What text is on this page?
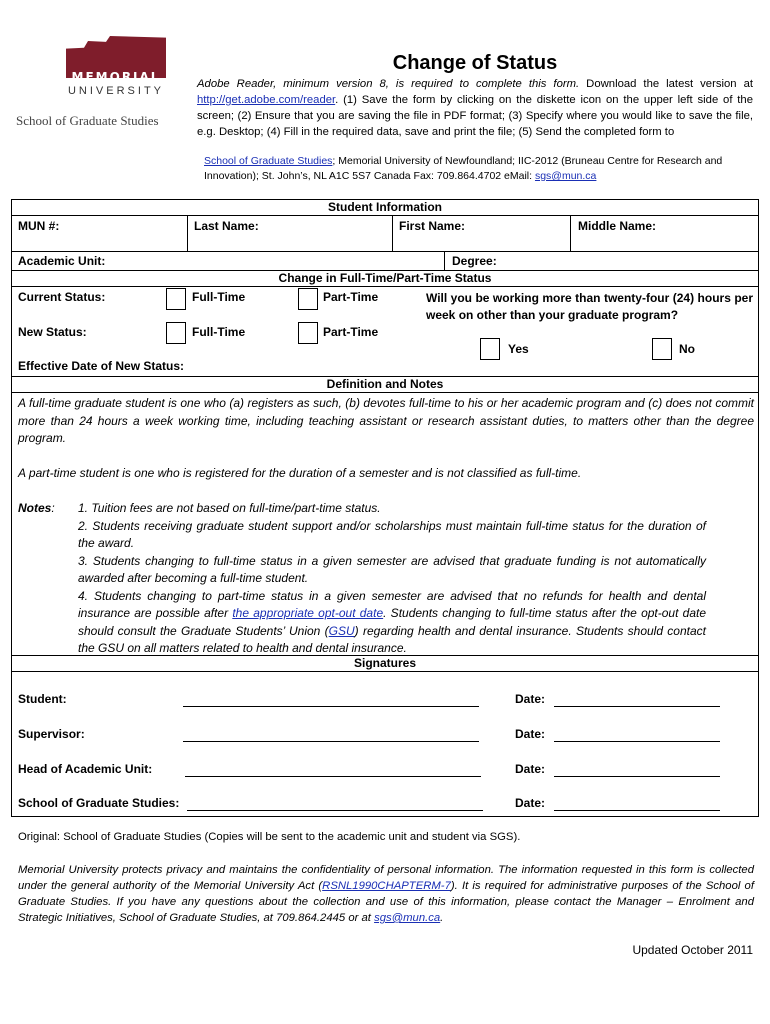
MEMORIAL
UNIVERSITY
School of Graduate Studies
Change of Status
Adobe Reader, minimum version 8, is required to complete this form. Download the latest version at http://get.adobe.com/reader. (1) Save the form by clicking on the diskette icon on the upper left side of the screen; (2) Ensure that you are saving the file in PDF format; (3) Specify where you would like to save the file, e.g. Desktop; (4) Fill in the required data, save and print the file; (5) Send the completed form to
School of Graduate Studies; Memorial University of Newfoundland; IIC-2012 (Bruneau Centre for Research and Innovation); St. John’s, NL A1C 5S7 Canada Fax: 709.864.4702 eMail: sgs@mun.ca
Student Information
MUN #:	Last Name:	First Name:	Middle Name:
Academic Unit:	Degree:
Change in Full-Time/Part-Time Status
Current Status:	Full-Time	Part-Time	Will you be working more than twenty-four (24) hours per week on other than your graduate program?
New Status:	Full-Time	Part-Time
Yes	No
Effective Date of New Status:
Definition and Notes
A full-time graduate student is one who (a) registers as such, (b) devotes full-time to his or her academic program and (c) does not commit more than 24 hours a week working time, including teaching assistant or research assistant duties, to matters other than the degree program.
A part-time student is one who is registered for the duration of a semester and is not classified as full-time.
Notes:	1. Tuition fees are not based on full-time/part-time status.
2. Students receiving graduate student support and/or scholarships must maintain full-time status for the duration of the award.
3. Students changing to full-time status in a given semester are advised that graduate funding is not automatically awarded after becoming a full-time student.
4. Students changing to part-time status in a given semester are advised that no refunds for health and dental insurance are possible after the appropriate opt-out date. Students changing to full-time status after the opt-out date should consult the Graduate Students’ Union (GSU) regarding health and dental insurance. Students should contact the GSU on all matters related to health and dental insurance.
Signatures
Student:	Date:
Supervisor:	Date:
Head of Academic Unit:	Date:
School of Graduate Studies:	Date:
Original: School of Graduate Studies (Copies will be sent to the academic unit and student via SGS).
Memorial University protects privacy and maintains the confidentiality of personal information. The information requested in this form is collected under the general authority of the Memorial University Act (RSNL1990CHAPTERM-7). It is required for administrative purposes of the School of Graduate Studies. If you have any questions about the collection and use of this information, please contact the Manager – Enrolment and Strategic Initiatives, School of Graduate Studies, at 709.864.2445 or at sgs@mun.ca.
Updated October 2011
